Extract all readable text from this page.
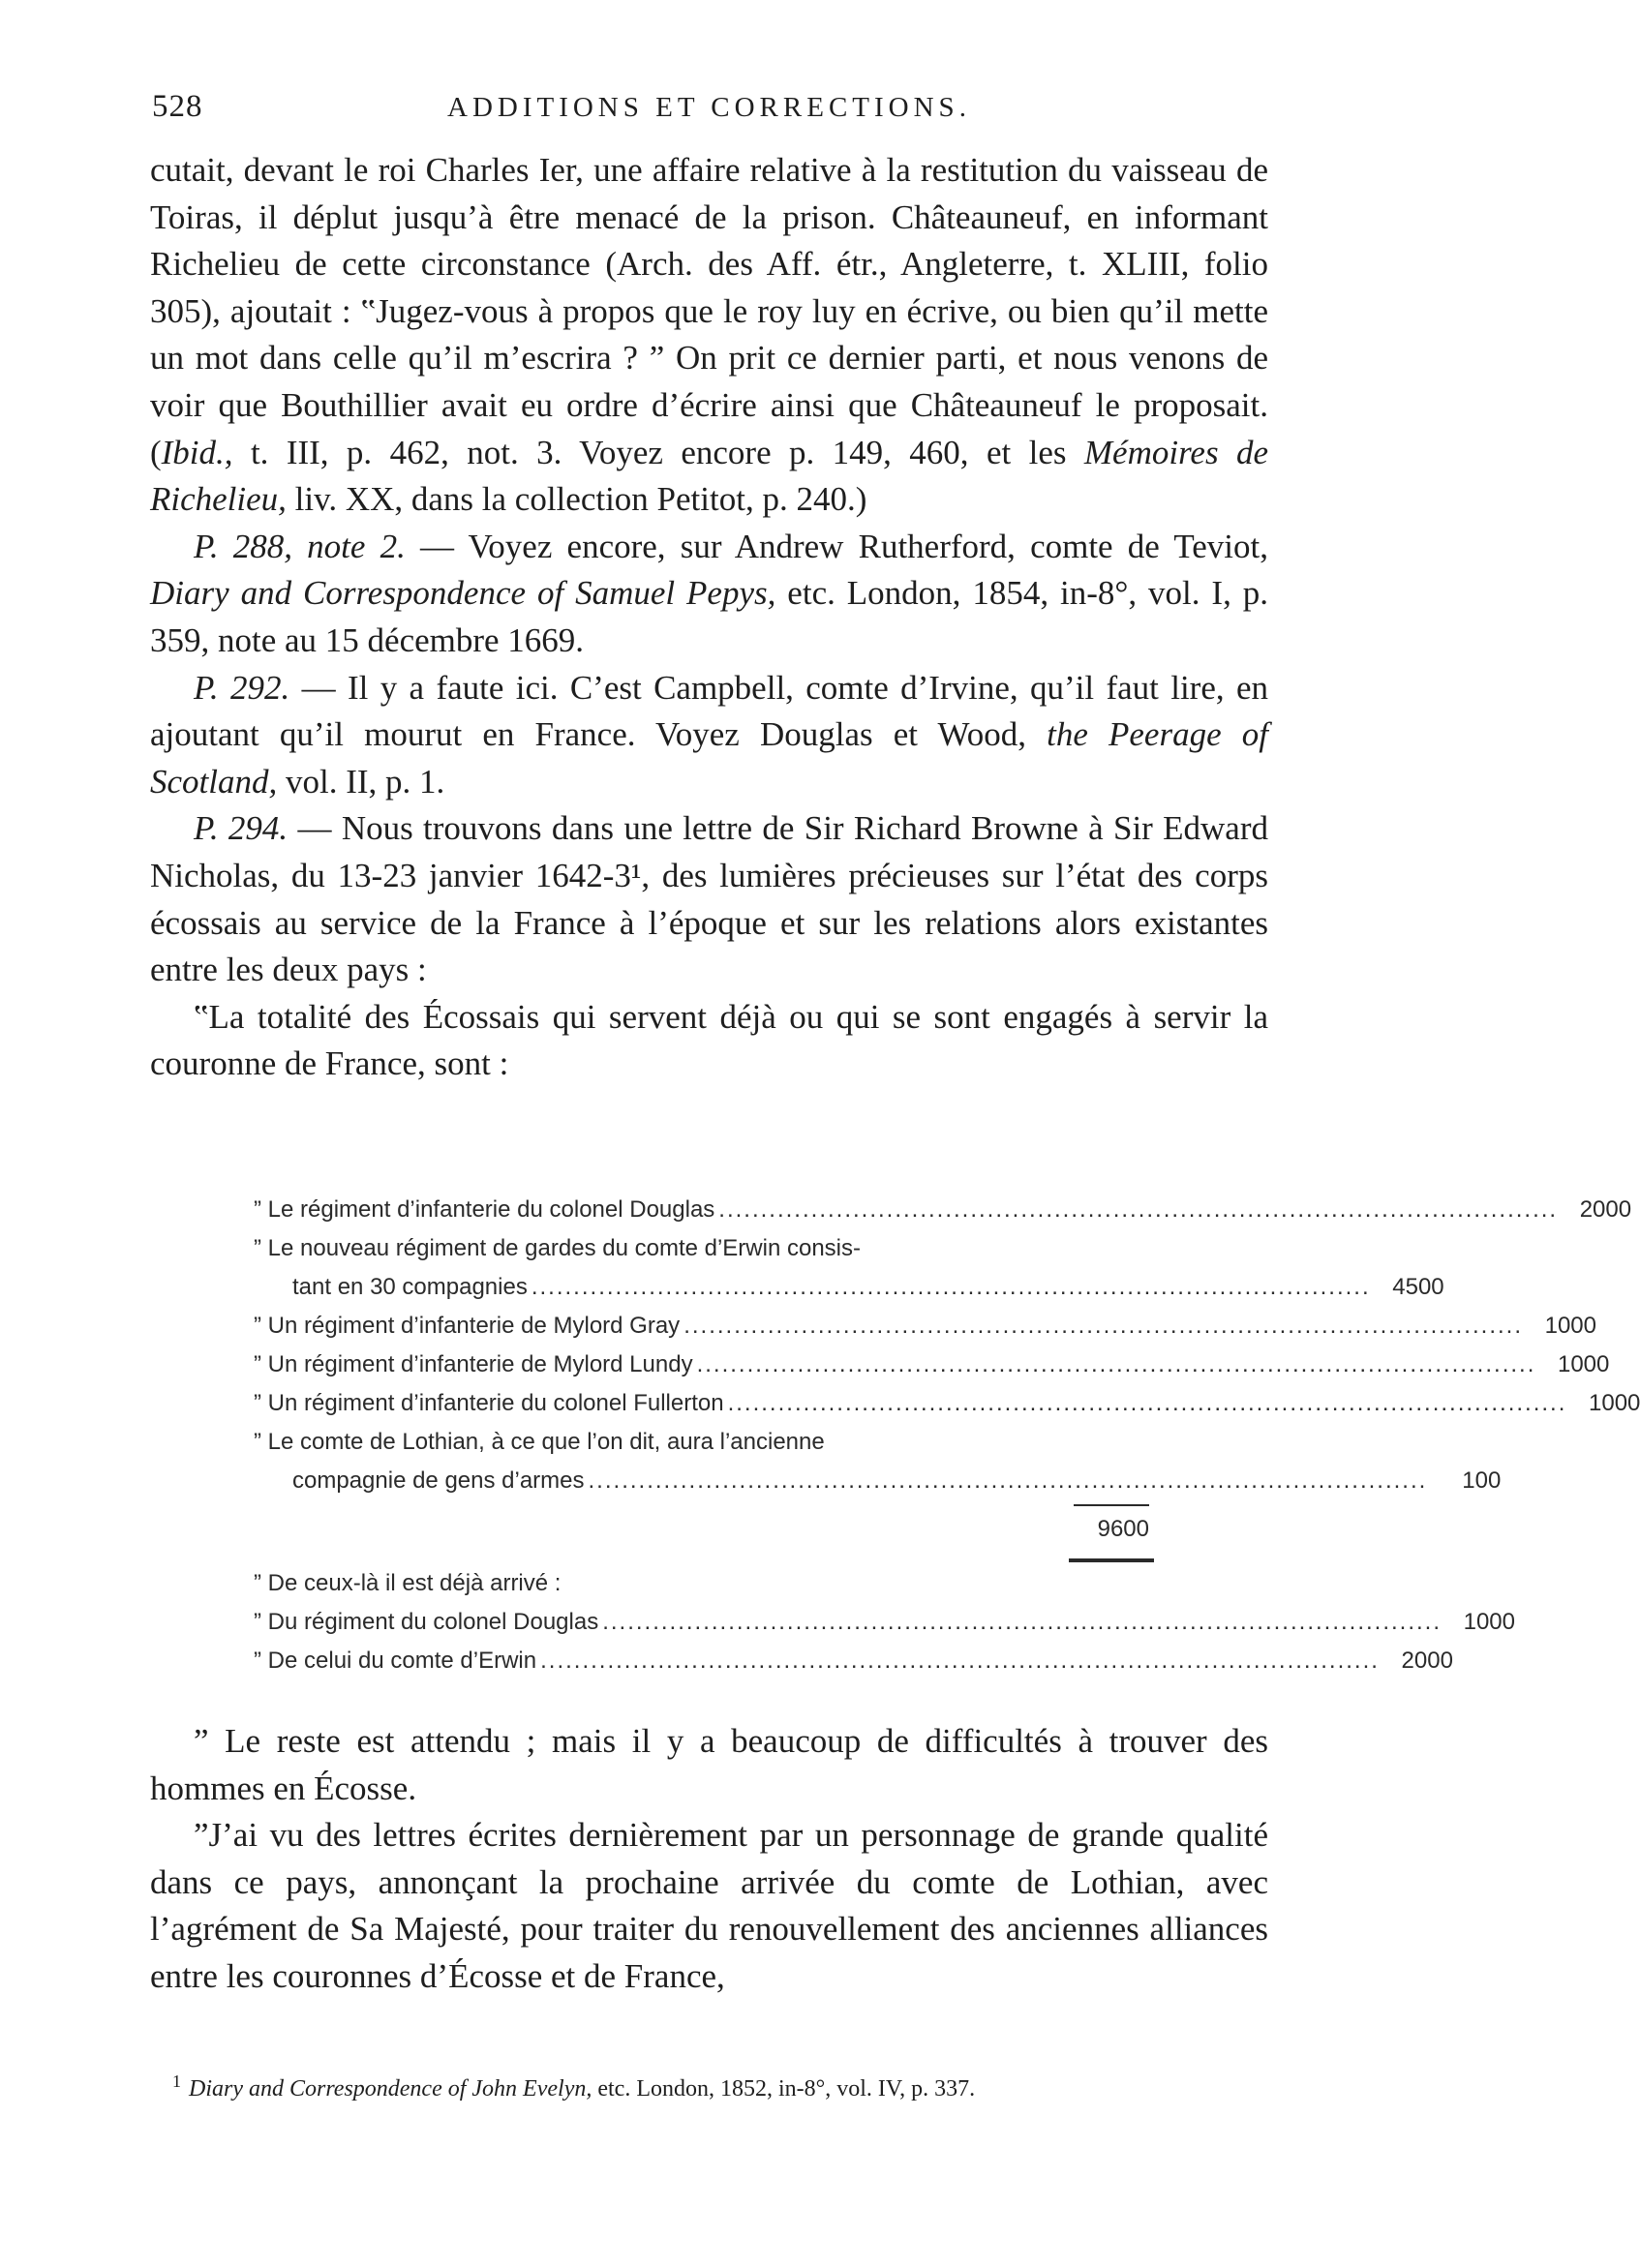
528	ADDITIONS ET CORRECTIONS.

cutait, devant le roi Charles Ier, une affaire relative à la restitution du vaisseau de Toiras, il déplut jusqu’à être menacé de la prison. Châteauneuf, en informant Richelieu de cette circonstance (Arch. des Aff. étr., Angleterre, t. XLIII, folio 305), ajoutait : ‟Jugez-vous à propos que le roy luy en écrive, ou bien qu’il mette un mot dans celle qu’il m’escrira ? ” On prit ce dernier parti, et nous venons de voir que Bouthillier avait eu ordre d’écrire ainsi que Châteauneuf le proposait. (Ibid., t. III, p. 462, not. 3. Voyez encore p. 149, 460, et les Mémoires de Richelieu, liv. XX, dans la collection Petitot, p. 240.)

P. 288, note 2. — Voyez encore, sur Andrew Rutherford, comte de Teviot, Diary and Correspondence of Samuel Pepys, etc. London, 1854, in-8°, vol. I, p. 359, note au 15 décembre 1669.

P. 292. — Il y a faute ici. C’est Campbell, comte d’Irvine, qu’il faut lire, en ajoutant qu’il mourut en France. Voyez Douglas et Wood, the Peerage of Scotland, vol. II, p. 1.

P. 294. — Nous trouvons dans une lettre de Sir Richard Browne à Sir Edward Nicholas, du 13-23 janvier 1642-3¹, des lumières précieuses sur l’état des corps écossais au service de la France à l’époque et sur les relations alors existantes entre les deux pays :

‟La totalité des Écossais qui servent déjà ou qui se sont engagés à servir la couronne de France, sont :

” Le régiment d’infanterie du colonel Douglas .................................................................................................... 2000
” Le nouveau régiment de gardes du comte d’Erwin consis-
tant en 30 compagnies .................................................................................................... 4500
” Un régiment d’infanterie de Mylord Gray .................................................................................................... 1000
” Un régiment d’infanterie de Mylord Lundy .................................................................................................... 1000
” Un régiment d’infanterie du colonel Fullerton .................................................................................................... 1000
” Le comte de Lothian, à ce que l’on dit, aura l’ancienne
compagnie de gens d’armes ....................................................................................................	100
9600
” De ceux-là il est déjà arrivé :
” Du régiment du colonel Douglas .................................................................................................... 1000
” De celui du comte d’Erwin .................................................................................................... 2000

” Le reste est attendu ; mais il y a beaucoup de difficultés à trouver des hommes en Écosse.

”J’ai vu des lettres écrites dernièrement par un personnage de grande qualité dans ce pays, annonçant la prochaine arrivée du comte de Lothian, avec l’agrément de Sa Majesté, pour traiter du renouvellement des anciennes alliances entre les couronnes d’Écosse et de France,

$^1$ Diary and Correspondence of John Evelyn, etc. London, 1852, in-8°, vol. IV, p. 337.
